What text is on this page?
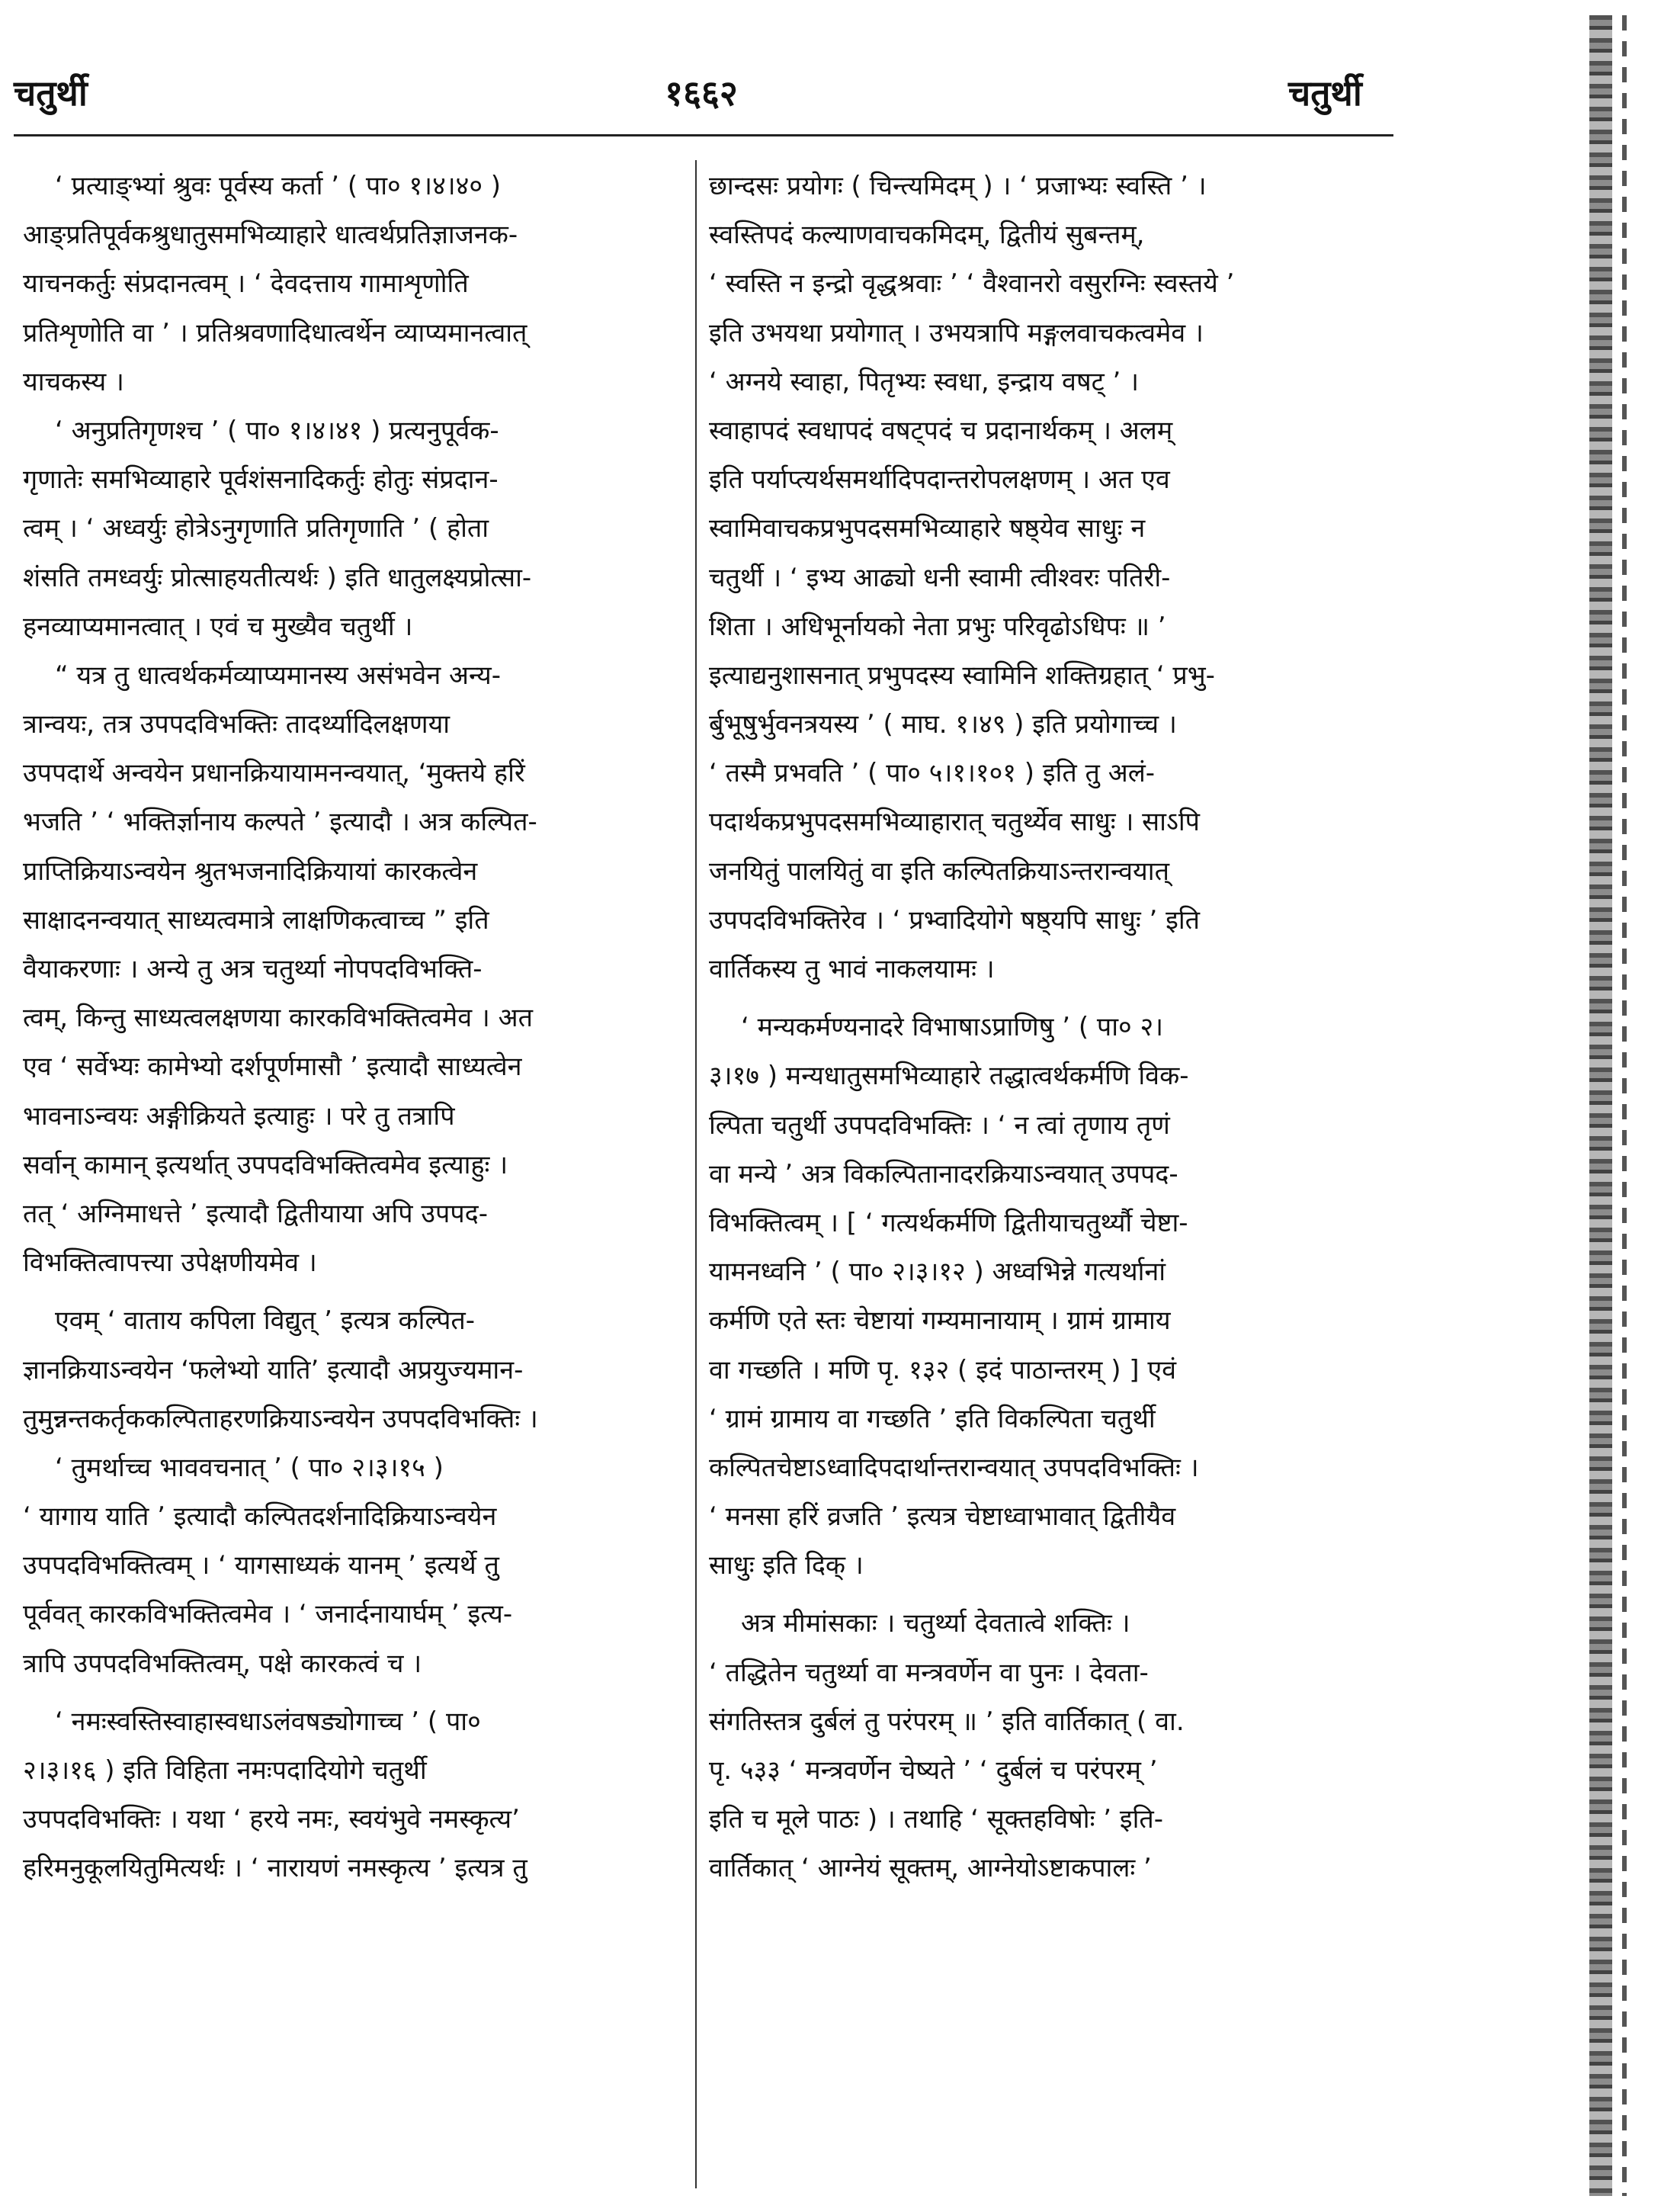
चतुर्थी	१६६२	चतुर्थी
‘ प्रत्याङ्भ्यां श्रुवः पूर्वस्य कर्ता ’ ( पा० १।४।४० )
आङ्प्रतिपूर्वकश्रुधातुसमभिव्याहारे धात्वर्थप्रतिज्ञाजनक-
याचनकर्तुः संप्रदानत्वम् । ‘ देवदत्ताय गामाशृणोति
प्रतिशृणोति वा ’ । प्रतिश्रवणादिधात्वर्थेन व्याप्यमानत्वात्
याचकस्य ।
‘ अनुप्रतिगृणश्च ’ ( पा० १।४।४१ ) प्रत्यनुपूर्वक-
गृणातेः समभिव्याहारे पूर्वशंसनादिकर्तुः होतुः संप्रदान-
त्वम् । ‘ अध्वर्युः होत्रेऽनुगृणाति प्रतिगृणाति ’ ( होता
शंसति तमध्वर्युः प्रोत्साहयतीत्यर्थः ) इति धातुलक्ष्यप्रोत्सा-
हनव्याप्यमानत्वात् । एवं च मुख्यैव चतुर्थी ।
“ यत्र तु धात्वर्थकर्मव्याप्यमानस्य असंभवेन अन्य-
त्रान्वयः, तत्र उपपदविभक्तिः तादर्थ्यादिलक्षणया
उपपदार्थे अन्वयेन प्रधानक्रियायामनन्वयात्, ‘मुक्तये हरिं
भजति ’ ‘ भक्तिर्ज्ञानाय कल्पते ’ इत्यादौ । अत्र कल्पित-
प्राप्तिक्रियाऽन्वयेन श्रुतभजनादिक्रियायां कारकत्वेन
साक्षादनन्वयात् साध्यत्वमात्रे लाक्षणिकत्वाच्च ” इति
वैयाकरणाः । अन्ये तु अत्र चतुर्थ्या नोपपदविभक्ति-
त्वम्, किन्तु साध्यत्वलक्षणया कारकविभक्तित्वमेव । अत
एव ‘ सर्वेभ्यः कामेभ्यो दर्शपूर्णमासौ ’ इत्यादौ साध्यत्वेन
भावनाऽन्वयः अङ्गीक्रियते इत्याहुः । परे तु तत्रापि
सर्वान् कामान् इत्यर्थात् उपपदविभक्तित्वमेव इत्याहुः ।
तत् ‘ अग्निमाधत्ते ’ इत्यादौ द्वितीयाया अपि उपपद-
विभक्तित्वापत्त्या उपेक्षणीयमेव ।
एवम् ‘ वाताय कपिला विद्युत् ’ इत्यत्र कल्पित-
ज्ञानक्रियाऽन्वयेन ‘फलेभ्यो याति’ इत्यादौ अप्रयुज्यमान-
तुमुन्नन्तकर्तृककल्पिताहरणक्रियाऽन्वयेन उपपदविभक्तिः ।
‘ तुमर्थाच्च भाववचनात् ’ ( पा० २।३।१५ )
‘ यागाय याति ’ इत्यादौ कल्पितदर्शनादिक्रियाऽन्वयेन
उपपदविभक्तित्वम् । ‘ यागसाध्यकं यानम् ’ इत्यर्थे तु
पूर्ववत् कारकविभक्तित्वमेव । ‘ जनार्दनायार्घम् ’ इत्य-
त्रापि उपपदविभक्तित्वम्, पक्षे कारकत्वं च ।
‘ नमःस्वस्तिस्वाहास्वधाऽलंवषड्योगाच्च ’ ( पा०
२।३।१६ ) इति विहिता नमःपदादियोगे चतुर्थी
उपपदविभक्तिः । यथा ‘ हरये नमः, स्वयंभुवे नमस्कृत्य’
हरिमनुकूलयितुमित्यर्थः । ‘ नारायणं नमस्कृत्य ’ इत्यत्र तु
छान्दसः प्रयोगः ( चिन्त्यमिदम् ) । ‘ प्रजाभ्यः स्वस्ति ’ ।
स्वस्तिपदं कल्याणवाचकमिदम्, द्वितीयं सुबन्तम्,
‘ स्वस्ति न इन्द्रो वृद्धश्रवाः ’ ‘ वैश्वानरो वसुरग्निः स्वस्तये ’
इति उभयथा प्रयोगात् । उभयत्रापि मङ्गलवाचकत्वमेव ।
‘ अग्नये स्वाहा, पितृभ्यः स्वधा, इन्द्राय वषट् ’ ।
स्वाहापदं स्वधापदं वषट्पदं च प्रदानार्थकम् । अलम्
इति पर्याप्त्यर्थसमर्थादिपदान्तरोपलक्षणम् । अत एव
स्वामिवाचकप्रभुपदसमभिव्याहारे षष्ठ्येव साधुः न
चतुर्थी । ‘ इभ्य आढ्यो धनी स्वामी त्वीश्वरः पतिरी-
शिता । अधिभूर्नायको नेता प्रभुः परिवृढोऽधिपः ॥ ’
इत्याद्यनुशासनात् प्रभुपदस्य स्वामिनि शक्तिग्रहात् ‘ प्रभु-
र्बुभूषुर्भुवनत्रयस्य ’ ( माघ. १।४९ ) इति प्रयोगाच्च ।
‘ तस्मै प्रभवति ’ ( पा० ५।१।१०१ ) इति तु अलं-
पदार्थकप्रभुपदसमभिव्याहारात् चतुर्थ्येव साधुः । साऽपि
जनयितुं पालयितुं वा इति कल्पितक्रियाऽन्तरान्वयात्
उपपदविभक्तिरेव । ‘ प्रभ्वादियोगे षष्ठ्यपि साधुः ’ इति
वार्तिकस्य तु भावं नाकलयामः ।
‘ मन्यकर्मण्यनादरे विभाषाऽप्राणिषु ’ ( पा० २।
३।१७ ) मन्यधातुसमभिव्याहारे तद्धात्वर्थकर्मणि विक-
ल्पिता चतुर्थी उपपदविभक्तिः । ‘ न त्वां तृणाय तृणं
वा मन्ये ’ अत्र विकल्पितानादरक्रियाऽन्वयात् उपपद-
विभक्तित्वम् । [ ‘ गत्यर्थकर्मणि द्वितीयाचतुर्थ्यौ चेष्टा-
यामनध्वनि ’ ( पा० २।३।१२ ) अध्वभिन्ने गत्यर्थानां
कर्मणि एते स्तः चेष्टायां गम्यमानायाम् । ग्रामं ग्रामाय
वा गच्छति । मणि पृ. १३२ ( इदं पाठान्तरम् ) ] एवं
‘ ग्रामं ग्रामाय वा गच्छति ’ इति विकल्पिता चतुर्थी
कल्पितचेष्टाऽध्वादिपदार्थान्तरान्वयात् उपपदविभक्तिः ।
‘ मनसा हरिं व्रजति ’ इत्यत्र चेष्टाध्वाभावात् द्वितीयैव
साधुः इति दिक् ।
अत्र मीमांसकाः । चतुर्थ्या देवतात्वे शक्तिः ।
‘ तद्धितेन चतुर्थ्या वा मन्त्रवर्णेन वा पुनः । देवता-
संगतिस्तत्र दुर्बलं तु परंपरम् ॥ ’ इति वार्तिकात् ( वा.
पृ. ५३३ ‘ मन्त्रवर्णेन चेष्यते ’ ‘ दुर्बलं च परंपरम् ’
इति च मूले पाठः ) । तथाहि ‘ सूक्तहविषोः ’ इति-
वार्तिकात् ‘ आग्नेयं सूक्तम्, आग्नेयोऽष्टाकपालः ’
